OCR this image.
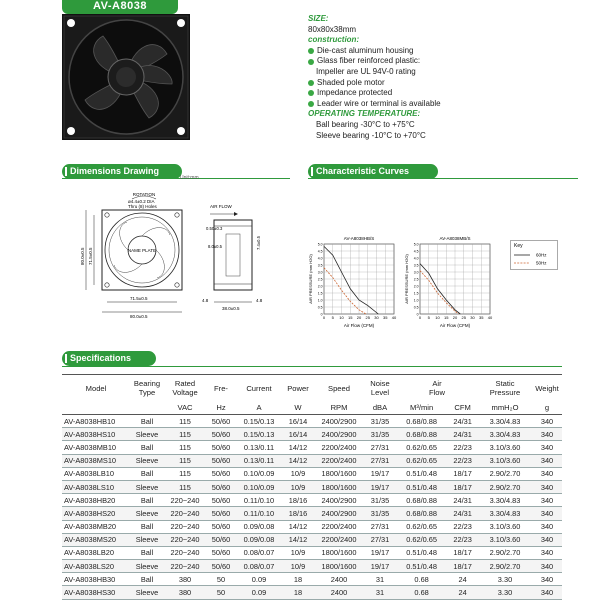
AV-A8038
SIZE:
80x80x38mm
construction:
Die-cast aluminum housing
Glass fiber reinforced plastic:
Impeller are UL 94V-0 rating
Shaded pole motor
Impedance protected
Leader wire or terminal is available
OPERATING TEMPERATURE:
Ball bearing -30°C to +75°C
Sleeve bearing -10°C to +70°C
Dimensions Drawing
Unit:mm
Characteristic Curves
Specifications
NAME PLATE
ROTATION
ø4.4±0.2 DIA
Thru (8) Holes
80.0±0.5 71.5±0.5
71.5±0.5
80.0±0.5
AIR FLOW
0.50±0.3
8.0±0.5	7.4±0.5
38.0±0.5
4.8	4.8
AV-A8038HB/S
0 5 10 15 20 25 30 35 40
0
0.5
1.0
1.5
2.0
2.5
3.0
3.5
4.0
4.5
5.0
Air Flow (CFM)
AIR PRESSURE (mm H2O)
AV-A8038MB/S
0 5 10 15 20 25 30 35 40
0
0.5
1.0
1.5
2.0
2.5
3.0
3.5
4.0
4.5
5.0
Air Flow (CFM)
AIR PRESSURE (mm H2O)
Key
60Hz
50Hz
Model	Bearing
Type	Rated
Voltage	Fre-	Current	Power	Speed	Noise
Level	Air
Flow		Static
Pressure	Weight
		VAC	Hz	A	W	RPM	dBA	M³/min	CFM	mmH₂O	g
AV-A8038HB10	Ball	115	50/60	0.15/0.13	16/14	2400/2900	31/35	0.68/0.88	24/31	3.30/4.83	340
AV-A8038HS10	Sleeve	115	50/60	0.15/0.13	16/14	2400/2900	31/35	0.68/0.88	24/31	3.30/4.83	340
AV-A8038MB10	Ball	115	50/60	0.13/0.11	14/12	2200/2400	27/31	0.62/0.65	22/23	3.10/3.60	340
AV-A8038MS10	Sleeve	115	50/60	0.13/0.11	14/12	2200/2400	27/31	0.62/0.65	22/23	3.10/3.60	340
AV-A8038LB10	Ball	115	50/60	0.10/0.09	10/9	1800/1600	19/17	0.51/0.48	18/17	2.90/2.70	340
AV-A8038LS10	Sleeve	115	50/60	0.10/0.09	10/9	1800/1600	19/17	0.51/0.48	18/17	2.90/2.70	340
AV-A8038HB20	Ball	220~240	50/60	0.11/0.10	18/16	2400/2900	31/35	0.68/0.88	24/31	3.30/4.83	340
AV-A8038HS20	Sleeve	220~240	50/60	0.11/0.10	18/16	2400/2900	31/35	0.68/0.88	24/31	3.30/4.83	340
AV-A8038MB20	Ball	220~240	50/60	0.09/0.08	14/12	2200/2400	27/31	0.62/0.65	22/23	3.10/3.60	340
AV-A8038MS20	Sleeve	220~240	50/60	0.09/0.08	14/12	2200/2400	27/31	0.62/0.65	22/23	3.10/3.60	340
AV-A8038LB20	Ball	220~240	50/60	0.08/0.07	10/9	1800/1600	19/17	0.51/0.48	18/17	2.90/2.70	340
AV-A8038LS20	Sleeve	220~240	50/60	0.08/0.07	10/9	1800/1600	19/17	0.51/0.48	18/17	2.90/2.70	340
AV-A8038HB30	Ball	380	50	0.09	18	2400	31	0.68	24	3.30	340
AV-A8038HS30	Sleeve	380	50	0.09	18	2400	31	0.68	24	3.30	340
